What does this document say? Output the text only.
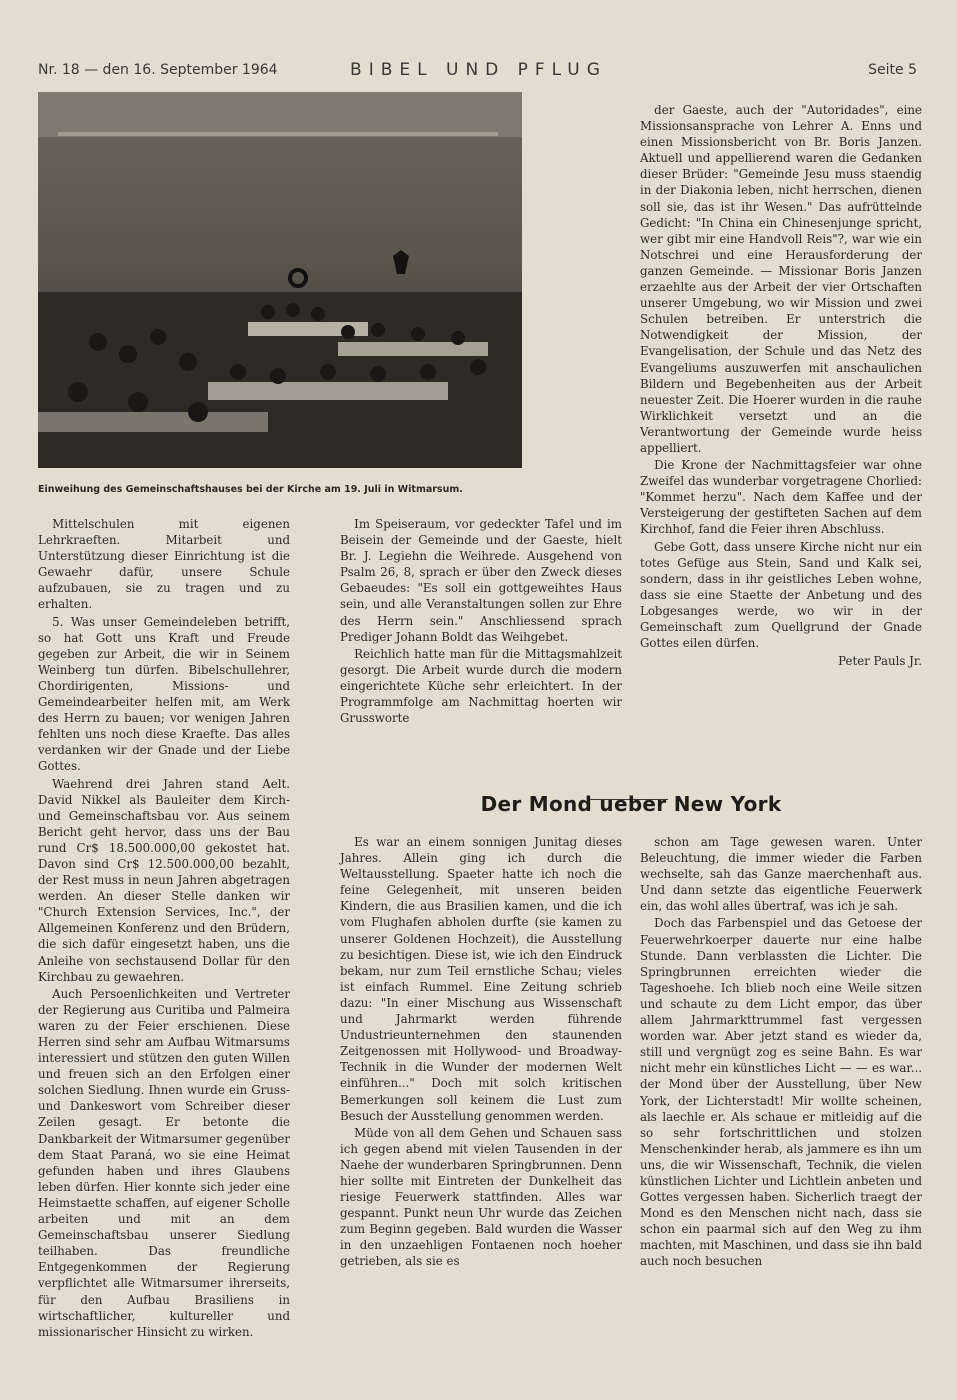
Nr. 18 — den 16. September 1964	BIBEL UND PFLUG	Seite 5
Einweihung des Gemeinschaftshauses bei der Kirche am 19. Juli in Witmarsum.

Mittelschulen mit eigenen Lehrkraeften. Mitarbeit und Unterstützung dieser Einrichtung ist die Gewaehr dafür, unsere Schule aufzubauen, sie zu tragen und zu erhalten.

5. Was unser Gemeindeleben betrifft, so hat Gott uns Kraft und Freude gegeben zur Arbeit, die wir in Seinem Weinberg tun dürfen. Bibelschullehrer, Chordirigenten, Missions- und Gemeindearbeiter helfen mit, am Werk des Herrn zu bauen; vor wenigen Jahren fehlten uns noch diese Kraefte. Das alles verdanken wir der Gnade und der Liebe Gottes.

Waehrend drei Jahren stand Aelt. David Nikkel als Bauleiter dem Kirch- und Gemeinschaftsbau vor. Aus seinem Bericht geht hervor, dass uns der Bau rund Cr$ 18.500.000,00 gekostet hat. Davon sind Cr$ 12.500.000,00 bezahlt, der Rest muss in neun Jahren abgetragen werden. An dieser Stelle danken wir "Church Extension Services, Inc.", der Allgemeinen Konferenz und den Brüdern, die sich dafür eingesetzt haben, uns die Anleihe von sechstausend Dollar für den Kirchbau zu gewaehren.

Auch Persoenlichkeiten und Vertreter der Regierung aus Curitiba und Palmeira waren zu der Feier erschienen. Diese Herren sind sehr am Aufbau Witmarsums interessiert und stützen den guten Willen und freuen sich an den Erfolgen einer solchen Siedlung. Ihnen wurde ein Gruss- und Dankeswort vom Schreiber dieser Zeilen gesagt. Er betonte die Dankbarkeit der Witmarsumer gegenüber dem Staat Paraná, wo sie eine Heimat gefunden haben und ihres Glaubens leben dürfen. Hier konnte sich jeder eine Heimstaette schaffen, auf eigener Scholle arbeiten und mit an dem Gemeinschaftsbau unserer Siedlung teilhaben. Das freundliche Entgegenkommen der Regierung verpflichtet alle Witmarsumer ihrerseits, für den Aufbau Brasiliens in wirtschaftlicher, kultureller und missionarischer Hinsicht zu wirken.

Im Speiseraum, vor gedeckter Tafel und im Beisein der Gemeinde und der Gaeste, hielt Br. J. Legiehn die Weihrede. Ausgehend von Psalm 26, 8, sprach er über den Zweck dieses Gebaeudes: "Es soll ein gottgeweihtes Haus sein, und alle Veranstaltungen sollen zur Ehre des Herrn sein." Anschliessend sprach Prediger Johann Boldt das Weihgebet.

Reichlich hatte man für die Mittagsmahlzeit gesorgt. Die Arbeit wurde durch die modern eingerichtete Küche sehr erleichtert. In der Programmfolge am Nachmittag hoerten wir Grussworte

der Gaeste, auch der "Autoridades", eine Missionsansprache von Lehrer A. Enns und einen Missionsbericht von Br. Boris Janzen. Aktuell und appellierend waren die Gedanken dieser Brüder: "Gemeinde Jesu muss staendig in der Diakonia leben, nicht herrschen, dienen soll sie, das ist ihr Wesen." Das aufrüttelnde Gedicht: "In China ein Chinesenjunge spricht, wer gibt mir eine Handvoll Reis"?, war wie ein Notschrei und eine Herausforderung der ganzen Gemeinde. — Missionar Boris Janzen erzaehlte aus der Arbeit der vier Ortschaften unserer Umgebung, wo wir Mission und zwei Schulen betreiben. Er unterstrich die Notwendigkeit der Mission, der Evangelisation, der Schule und das Netz des Evangeliums auszuwerfen mit anschaulichen Bildern und Begebenheiten aus der Arbeit neuester Zeit. Die Hoerer wurden in die rauhe Wirklichkeit versetzt und an die Verantwortung der Gemeinde wurde heiss appelliert.

Die Krone der Nachmittagsfeier war ohne Zweifel das wunderbar vorgetragene Chorlied: "Kommet herzu". Nach dem Kaffee und der Versteigerung der gestifteten Sachen auf dem Kirchhof, fand die Feier ihren Abschluss.

Gebe Gott, dass unsere Kirche nicht nur ein totes Gefüge aus Stein, Sand und Kalk sei, sondern, dass in ihr geistliches Leben wohne, dass sie eine Staette der Anbetung und des Lobgesanges werde, wo wir in der Gemeinschaft zum Quellgrund der Gnade Gottes eilen dürfen.

Peter Pauls Jr.

Der Mond ueber New York

Es war an einem sonnigen Junitag dieses Jahres. Allein ging ich durch die Weltausstellung. Spaeter hatte ich noch die feine Gelegenheit, mit unseren beiden Kindern, die aus Brasilien kamen, und die ich vom Flughafen abholen durfte (sie kamen zu unserer Goldenen Hochzeit), die Ausstellung zu besichtigen. Diese ist, wie ich den Eindruck bekam, nur zum Teil ernstliche Schau; vieles ist einfach Rummel. Eine Zeitung schrieb dazu: "In einer Mischung aus Wissenschaft und Jahrmarkt werden führende Undustrieunternehmen den staunenden Zeitgenossen mit Hollywood- und Broadway-Technik in die Wunder der modernen Welt einführen..." Doch mit solch kritischen Bemerkungen soll keinem die Lust zum Besuch der Ausstellung genommen werden.

Müde von all dem Gehen und Schauen sass ich gegen abend mit vielen Tausenden in der Naehe der wunderbaren Springbrunnen. Denn hier sollte mit Eintreten der Dunkelheit das riesige Feuerwerk stattfinden. Alles war gespannt. Punkt neun Uhr wurde das Zeichen zum Beginn gegeben. Bald wurden die Wasser in den unzaehligen Fontaenen noch hoeher getrieben, als sie es

schon am Tage gewesen waren. Unter Beleuchtung, die immer wieder die Farben wechselte, sah das Ganze maerchenhaft aus. Und dann setzte das eigentliche Feuerwerk ein, das wohl alles übertraf, was ich je sah.

Doch das Farbenspiel und das Getoese der Feuerwehrkoerper dauerte nur eine halbe Stunde. Dann verblassten die Lichter. Die Springbrunnen erreichten wieder die Tageshoehe. Ich blieb noch eine Weile sitzen und schaute zu dem Licht empor, das über allem Jahrmarkttrummel fast vergessen worden war. Aber jetzt stand es wieder da, still und vergnügt zog es seine Bahn. Es war nicht mehr ein künstliches Licht — — es war... der Mond über der Ausstellung, über New York, der Lichterstadt! Mir wollte scheinen, als laechle er. Als schaue er mitleidig auf die so sehr fortschrittlichen und stolzen Menschenkinder herab, als jammere es ihn um uns, die wir Wissenschaft, Technik, die vielen künstlichen Lichter und Lichtlein anbeten und Gottes vergessen haben. Sicherlich traegt der Mond es den Menschen nicht nach, dass sie schon ein paarmal sich auf den Weg zu ihm machten, mit Maschinen, und dass sie ihn bald auch noch besuchen
